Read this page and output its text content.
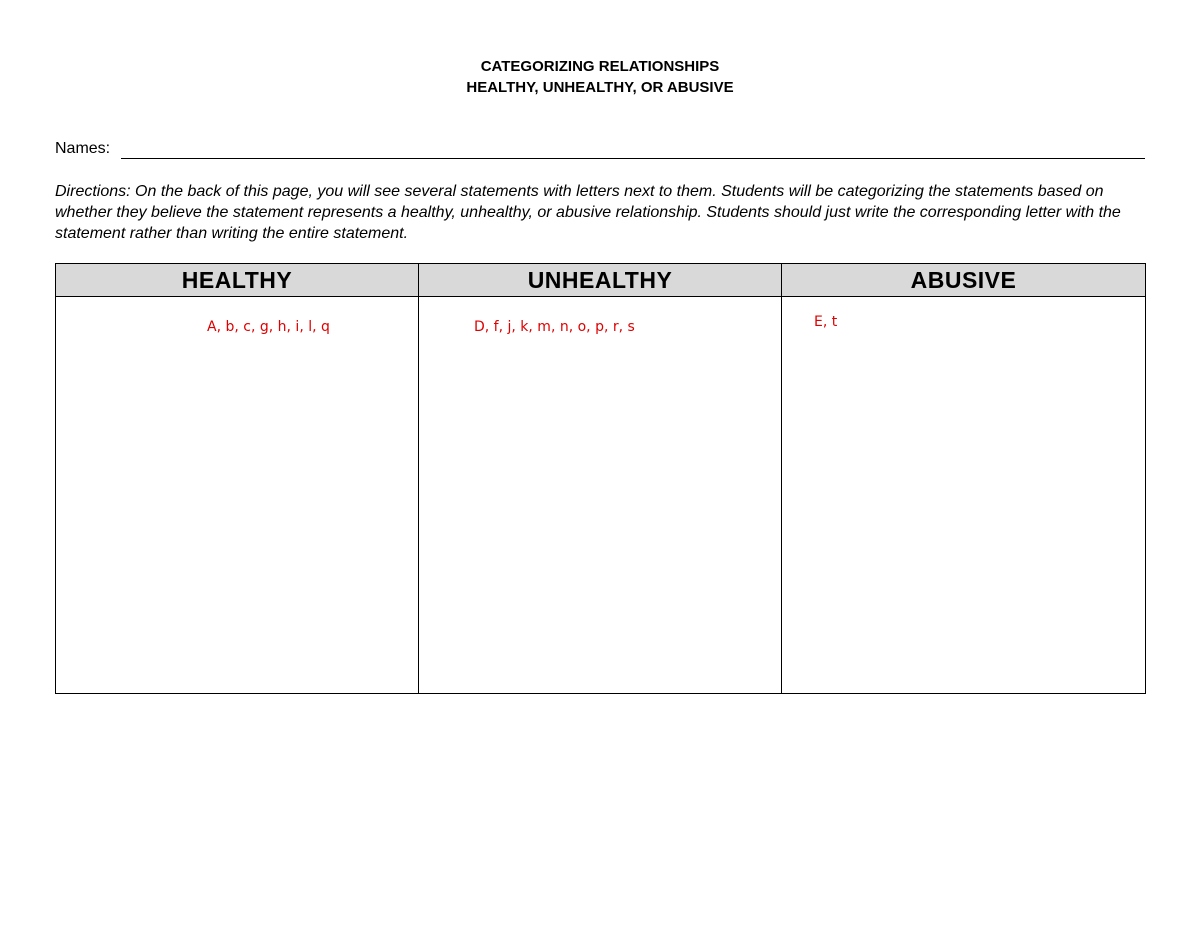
CATEGORIZING RELATIONSHIPS
HEALTHY, UNHEALTHY, OR ABUSIVE
Names:
Directions: On the back of this page, you will see several statements with letters next to them. Students will be categorizing the statements based on whether they believe the statement represents a healthy, unhealthy, or abusive relationship. Students should just write the corresponding letter with the statement rather than writing the entire statement.
HEALTHY	UNHEALTHY	ABUSIVE
A, b, c, g, h, i, l, q	D, f, j, k, m, n, o, p, r, s	E, t
